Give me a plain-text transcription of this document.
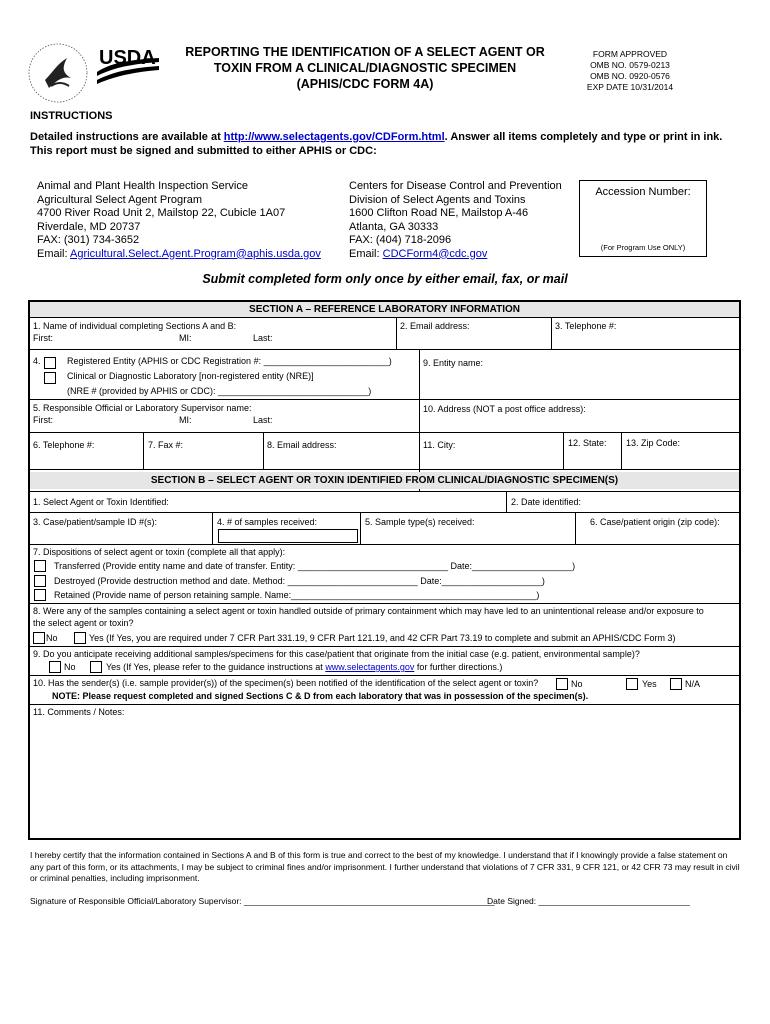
USDA	REPORTING THE IDENTIFICATION OF A SELECT AGENT OR
TOXIN FROM A CLINICAL/DIAGNOSTIC SPECIMEN
(APHIS/CDC FORM 4A)
FORM APPROVED
OMB NO. 0579-0213
OMB NO. 0920-0576
EXP DATE 10/31/2014
INSTRUCTIONS
Detailed instructions are available at http://www.selectagents.gov/CDForm.html. Answer all items completely and type or print in ink. This report must be signed and submitted to either APHIS or CDC:
Animal and Plant Health Inspection Service
Agricultural Select Agent Program
4700 River Road Unit 2, Mailstop 22, Cubicle 1A07
Riverdale, MD 20737
FAX: (301) 734-3652
Email: Agricultural.Select.Agent.Program@aphis.usda.gov
Centers for Disease Control and Prevention
Division of Select Agents and Toxins
1600 Clifton Road NE, Mailstop A-46
Atlanta, GA 30333
FAX: (404) 718-2096
Email: CDCForm4@cdc.gov
Accession Number:
(For Program Use ONLY)
Submit completed form only once by either email, fax, or mail
SECTION A – REFERENCE LABORATORY INFORMATION
1. Name of individual completing Sections A and B:
First:	MI:	Last:
2. Email address:	3. Telephone #:
4.	Registered Entity (APHIS or CDC Registration #: _________________________)
Clinical or Diagnostic Laboratory [non-registered entity (NRE)]
(NRE # (provided by APHIS or CDC): ______________________________)
9. Entity name:
5. Responsible Official or Laboratory Supervisor name:
First:	MI:	Last:
10. Address (NOT a post office address):
6. Telephone #:	7. Fax #:	8. Email address:	11. City:	12. State: 13. Zip Code:
SECTION B – SELECT AGENT OR TOXIN IDENTIFIED FROM CLINICAL/DIAGNOSTIC SPECIMEN(S)
1. Select Agent or Toxin Identified:	2. Date identified:
3. Case/patient/sample ID #(s):	4. # of samples received:	5. Sample type(s) received:	6. Case/patient origin (zip code):
7. Dispositions of select agent or toxin (complete all that apply):
Transferred (Provide entity name and date of transfer. Entity: ______________________________ Date:____________________)
Destroyed (Provide destruction method and date. Method: __________________________ Date:____________________)
Retained (Provide name of person retaining sample. Name:_________________________________________________)
8. Were any of the samples containing a select agent or toxin handled outside of primary containment which may have led to an unintentional release and/or exposure to
the select agent or toxin?
No	Yes (If Yes, you are required under 7 CFR Part 331.19, 9 CFR Part 121.19, and 42 CFR Part 73.19 to complete and submit an APHIS/CDC Form 3)
9. Do you anticipate receiving additional samples/specimens for this case/patient that originate from the initial case (e.g. patient, environmental sample)?
No	Yes (If Yes, please refer to the guidance instructions at www.selectagents.gov for further directions.)
10. Has the sender(s) (i.e. sample provider(s)) of the specimen(s) been notified of the identification of the select agent or toxin?	No	Yes	N/A
NOTE: Please request completed and signed Sections C & D from each laboratory that was in possession of the specimen(s).
11. Comments / Notes:
I hereby certify that the information contained in Sections A and B of this form is true and correct to the best of my knowledge. I understand that if I knowingly provide a false statement on any part of this form, or its attachments, I may be subject to criminal fines and/or imprisonment. I further understand that violations of 7 CFR 331, 9 CFR 121, or 42 CFR 73 may result in civil or criminal penalties, including imprisonment.
Signature of Responsible Official/Laboratory Supervisor: _____________________________________________________
Date Signed: ________________________________
